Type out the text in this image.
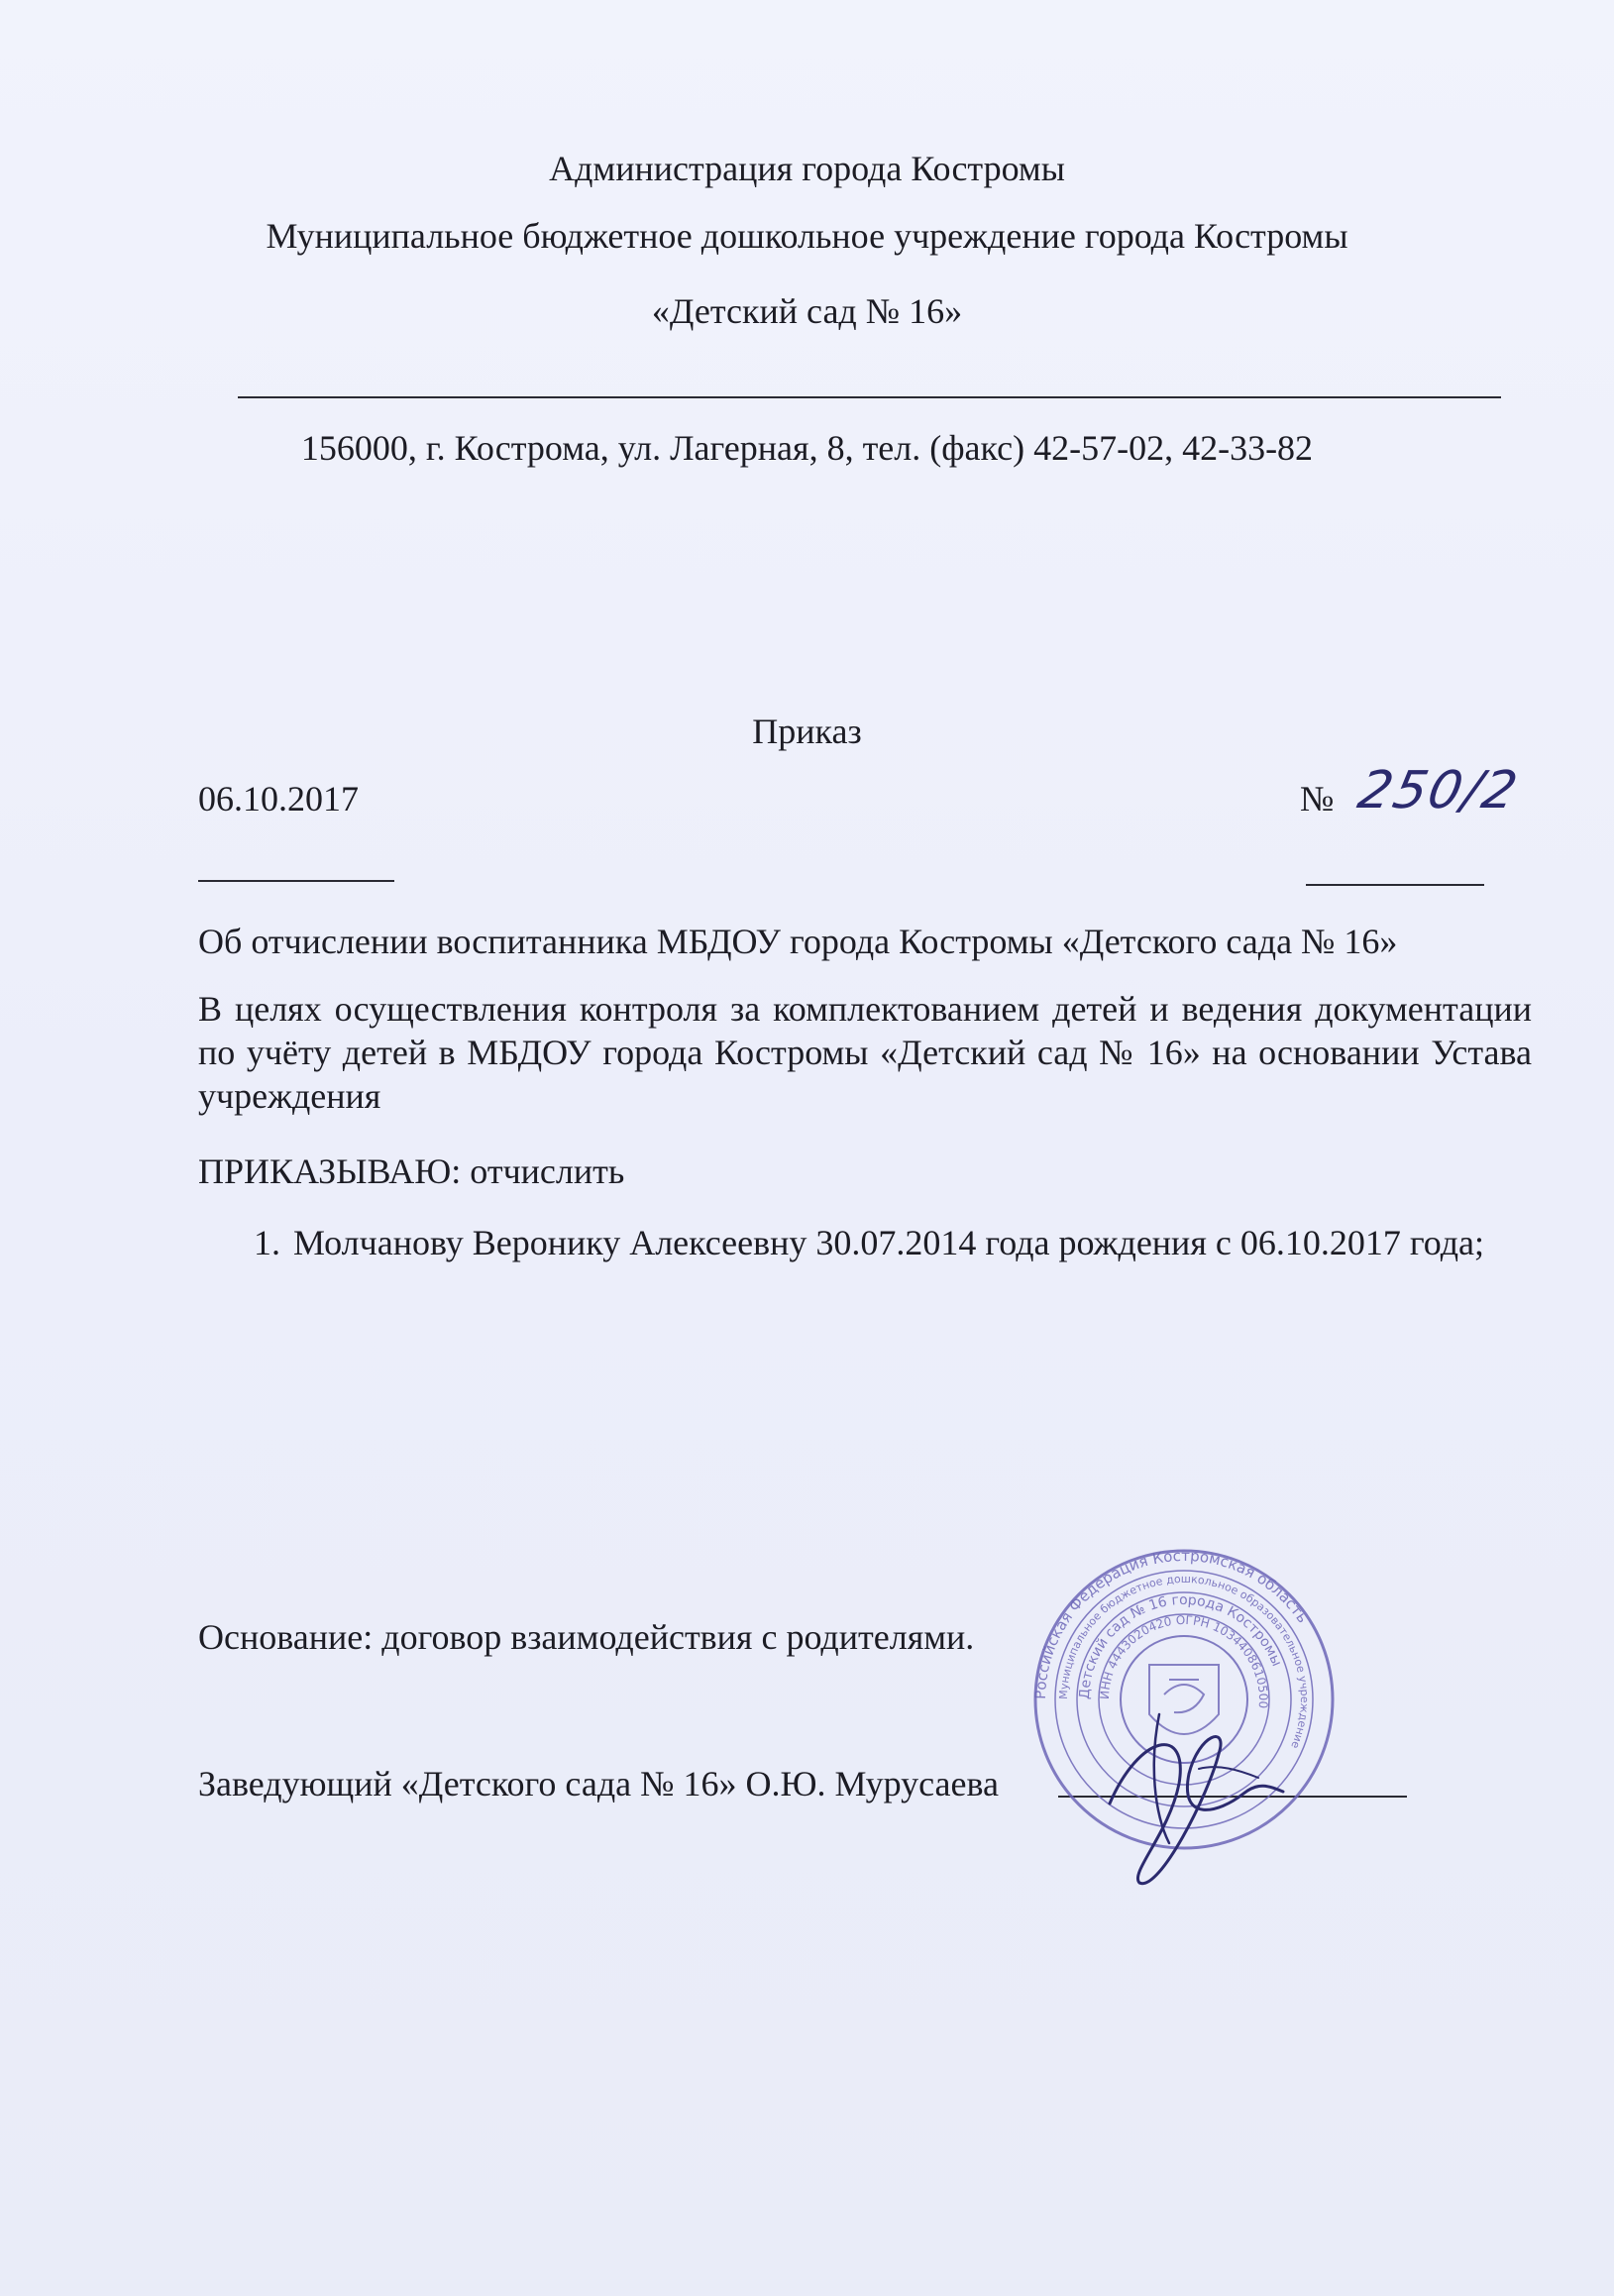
Администрация города Костромы
Муниципальное бюджетное дошкольное учреждение города Костромы
«Детский сад № 16»
156000, г. Кострома, ул. Лагерная, 8, тел. (факс) 42-57-02, 42-33-82
Приказ
06.10.2017	№ 250/2
Об отчислении воспитанника МБДОУ города Костромы «Детского сада № 16»
В целях осуществления контроля за комплектованием детей и ведения документации по учёту детей в МБДОУ города Костромы «Детский сад № 16» на основании Устава учреждения
ПРИКАЗЫВАЮ: отчислить
1. Молчанову Веронику Алексеевну 30.07.2014 года рождения с 06.10.2017 года;
Основание: договор взаимодействия с родителями.
Заведующий «Детского сада № 16» О.Ю. Мурусаева
Российская Федерация Костромская область
Муниципальное бюджетное дошкольное образовательное учреждение
Детский сад № 16 города Костромы
ИНН 4443020420 ОГРН 1034408610500
